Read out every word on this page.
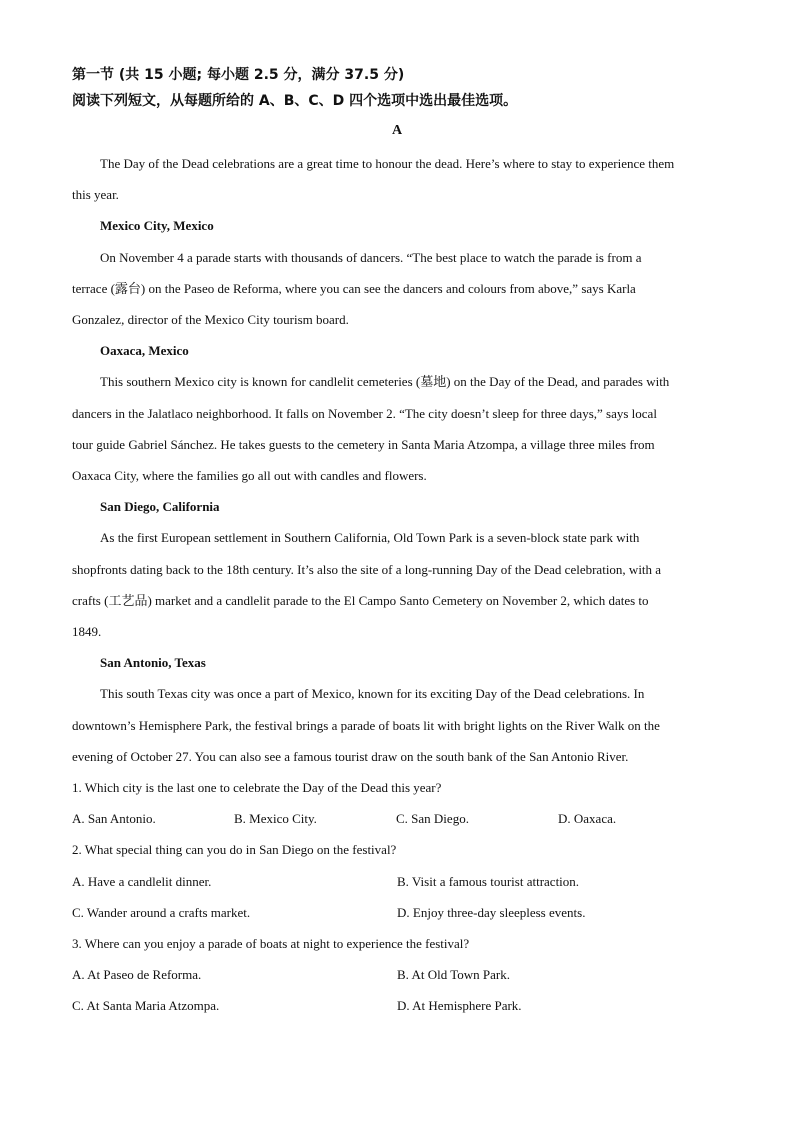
第一节 (共 15 小题; 每小题 2.5 分，满分 37.5 分)
阅读下列短文，从每题所给的 A、B、C、D 四个选项中选出最佳选项。
A
The Day of the Dead celebrations are a great time to honour the dead. Here’s where to stay to experience them
this year.
Mexico City, Mexico
On November 4 a parade starts with thousands of dancers. “The best place to watch the parade is from a
terrace (露台) on the Paseo de Reforma, where you can see the dancers and colours from above,” says Karla
Gonzalez, director of the Mexico City tourism board.
Oaxaca, Mexico
This southern Mexico city is known for candlelit cemeteries (墓地) on the Day of the Dead, and parades with
dancers in the Jalatlaco neighborhood. It falls on November 2. “The city doesn’t sleep for three days,” says local
tour guide Gabriel Sánchez. He takes guests to the cemetery in Santa Maria Atzompa, a village three miles from
Oaxaca City, where the families go all out with candles and flowers.
San Diego, California
As the first European settlement in Southern California, Old Town Park is a seven-block state park with
shopfronts dating back to the 18th century. It’s also the site of a long-running Day of the Dead celebration, with a
crafts (工艺品) market and a candlelit parade to the El Campo Santo Cemetery on November 2, which dates to
1849.
San Antonio, Texas
This south Texas city was once a part of Mexico, known for its exciting Day of the Dead celebrations. In
downtown’s Hemisphere Park, the festival brings a parade of boats lit with bright lights on the River Walk on the
evening of October 27. You can also see a famous tourist draw on the south bank of the San Antonio River.
1. Which city is the last one to celebrate the Day of the Dead this year?
A. San Antonio.	B. Mexico City.	C. San Diego.	D. Oaxaca.
2. What special thing can you do in San Diego on the festival?
A. Have a candlelit dinner.	B. Visit a famous tourist attraction.
C. Wander around a crafts market.	D. Enjoy three-day sleepless events.
3. Where can you enjoy a parade of boats at night to experience the festival?
A. At Paseo de Reforma.	B. At Old Town Park.
C. At Santa Maria Atzompa.	D. At Hemisphere Park.
